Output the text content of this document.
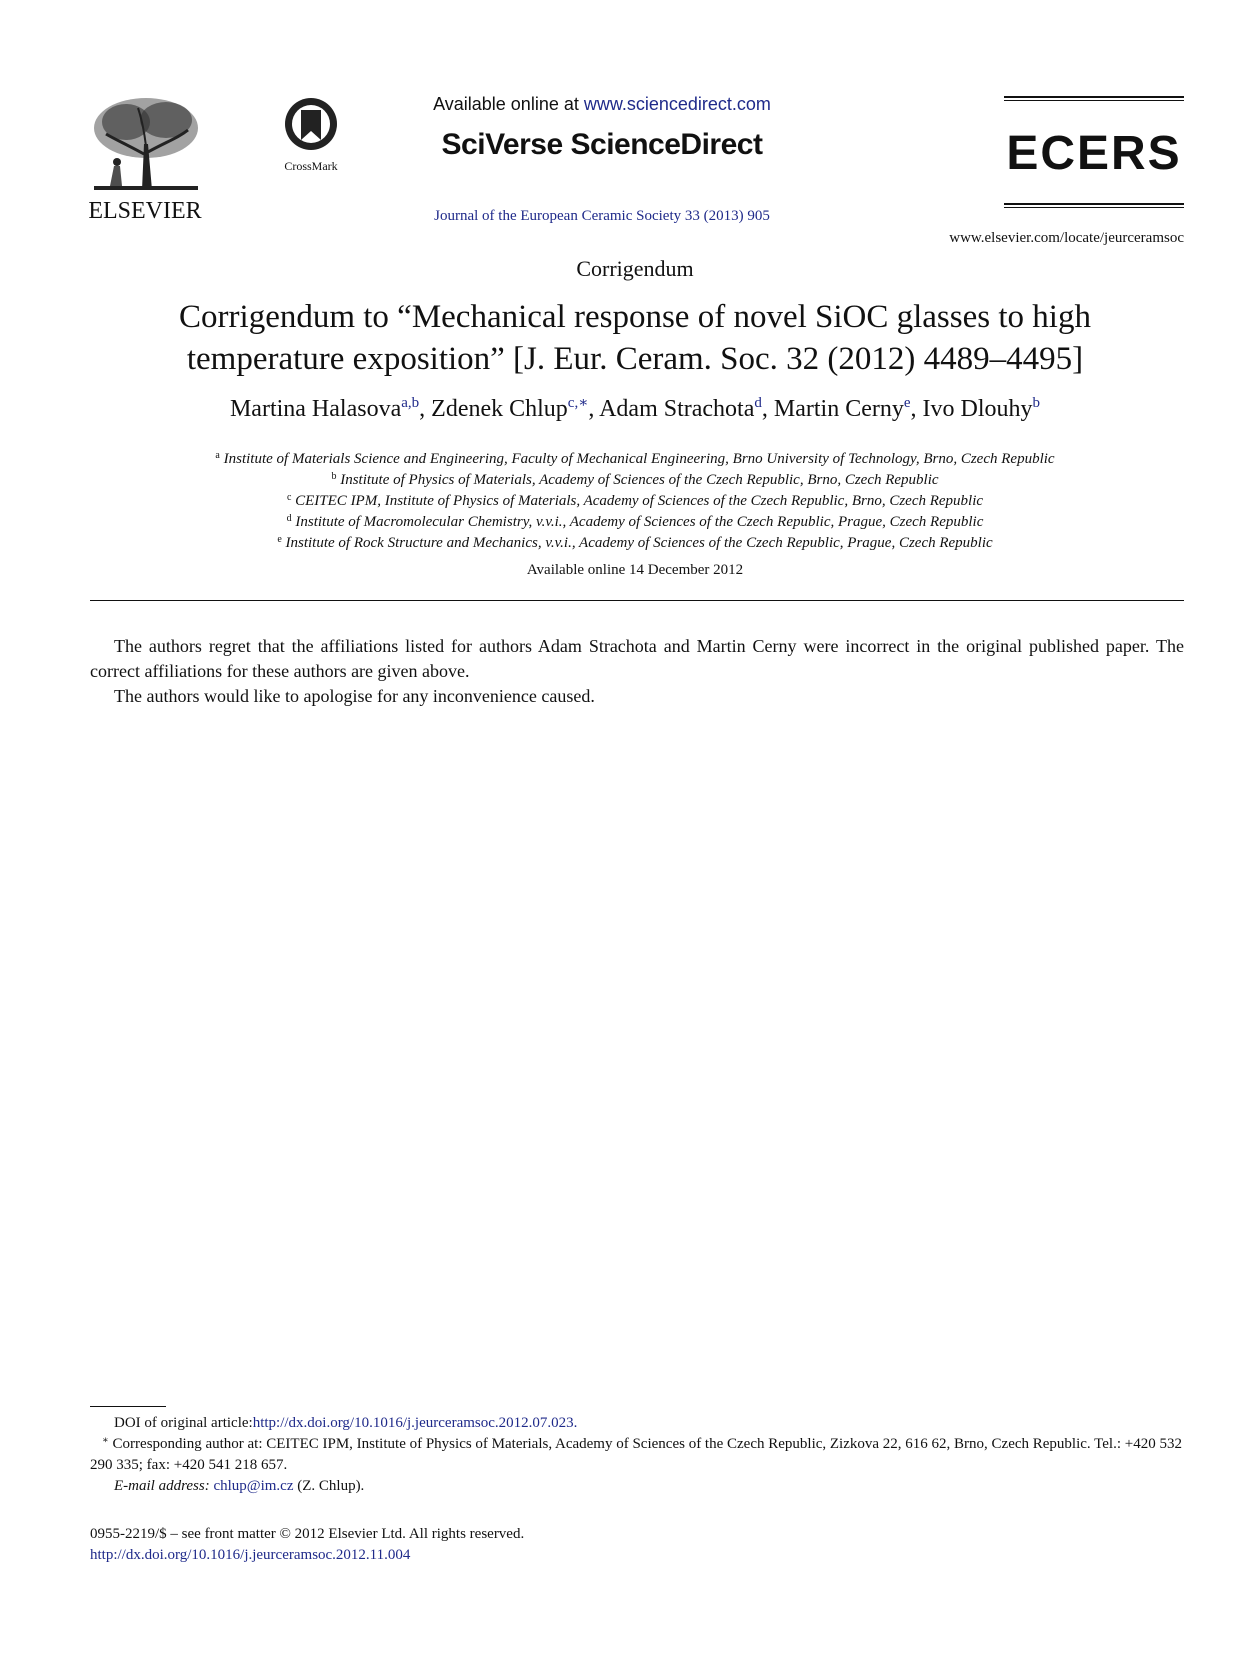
ELSEVIER
CrossMark
Available online at www.sciencedirect.com
SciVerse ScienceDirect
Journal of the European Ceramic Society 33 (2013) 905
ECERS
www.elsevier.com/locate/jeurceramsoc
Corrigendum
Corrigendum to “Mechanical response of novel SiOC glasses to high
temperature exposition” [J. Eur. Ceram. Soc. 32 (2012) 4489–4495]
Martina Halasova$^{a,b}$, Zdenek Chlup$^{c,∗}$, Adam Strachota$^d$, Martin Cerny$^e$, Ivo Dlouhy$^b$
$^a$ Institute of Materials Science and Engineering, Faculty of Mechanical Engineering, Brno University of Technology, Brno, Czech Republic
$^b$ Institute of Physics of Materials, Academy of Sciences of the Czech Republic, Brno, Czech Republic
$^c$ CEITEC IPM, Institute of Physics of Materials, Academy of Sciences of the Czech Republic, Brno, Czech Republic
$^d$ Institute of Macromolecular Chemistry, v.v.i., Academy of Sciences of the Czech Republic, Prague, Czech Republic
$^e$ Institute of Rock Structure and Mechanics, v.v.i., Academy of Sciences of the Czech Republic, Prague, Czech Republic
Available online 14 December 2012

The authors regret that the affiliations listed for authors Adam Strachota and Martin Cerny were incorrect in the original published paper. The correct affiliations for these authors are given above.

The authors would like to apologise for any inconvenience caused.

DOI of original article:http://dx.doi.org/10.1016/j.jeurceramsoc.2012.07.023.

∗ Corresponding author at: CEITEC IPM, Institute of Physics of Materials, Academy of Sciences of the Czech Republic, Zizkova 22, 616 62, Brno, Czech Republic. Tel.: +420 532 290 335; fax: +420 541 218 657.

E-mail address: chlup@im.cz (Z. Chlup).

0955-2219/$ – see front matter © 2012 Elsevier Ltd. All rights reserved.

http://dx.doi.org/10.1016/j.jeurceramsoc.2012.11.004
